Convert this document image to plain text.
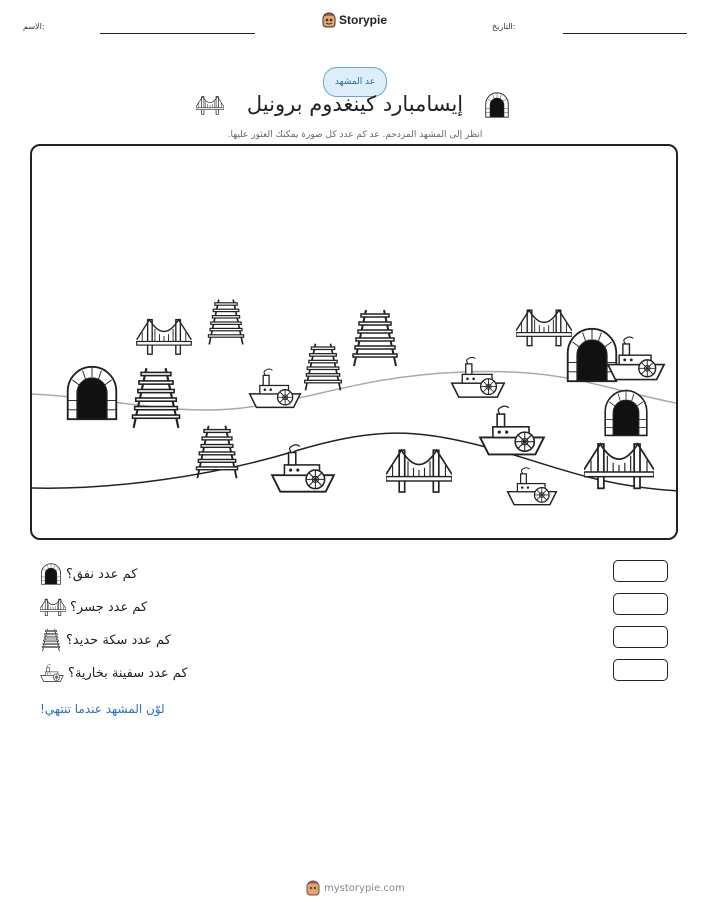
الاسم:	Storypie	التاريخ:
عد المشهد
إيسامبارد كينغدوم برونيل
انظر إلى المشهد المزدحم. عد كم عدد كل صورة يمكنك العثور عليها.
كم عدد نفق؟
كم عدد جسر؟
كم عدد سكة حديد؟
كم عدد سفينة بخارية؟
لوّن المشهد عندما تنتهي!
mystorypie.com
